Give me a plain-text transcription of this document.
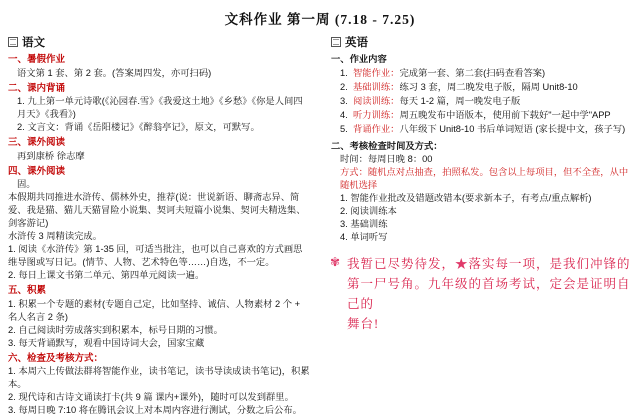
文科作业 第一周 (7.18 - 7.25)
语文
一、暑假作业
语文第 1 套、第 2 套。(答案周四发，亦可扫码)
二、课内背诵
1. 九上第一单元诗歌(《沁园春.雪》《我爱这土地》《乡愁》《你是人间四月天》《我看》)
2. 文言文：背诵《岳阳楼记》《醉翁亭记》，原文，可默写。
三、课外阅读
再到康桥 徐志摩
四、课外阅读
固。
本假期共同推进水浒传、儒林外史，推荐(说：世说新语、聊斋志异、简爱、我是猫、猫儿天猫冒险小说集、契诃夫短篇小说集、契诃夫精选集、剑客游记)
水浒传 3 周精读完成。
1. 阅读《水浒传》第 1-35 回，可适当批注，也可以自己喜欢的方式画思维导图或写日记。(情节、人物、艺术特色等……)自选，不一定。
2. 每日上课文书第二单元、第四单元阅读一遍。
五、积累
1. 积累一个专题的素材(专题自己定，比如坚持、诚信、人物素材 2 个 + 名人名言 2 条)
2. 自己阅读时劳成落实到积累本，标号日期的习惯。
3. 每天背诵默写，观看中国诗词大会，国家宝藏
六、检查及考核方式：
1. 本周六上传做法群将智能作业，读书笔记，读书导读成读书笔记)，积累本。
2. 现代诗和古诗文诵读打卡(共 9 篇 课内+课外)，随时可以发到群里。
3. 每周日晚 7:10 将在腾讯会议上对本周内容进行测试，分数之后公布。
英语
一、作业内容
1. 智能作业：完成第一套、第二套(扫码查看答案)
2. 基础训练：练习 3 套，周二晚发电子版，隔周 Unit8-10
3. 阅读训练：每天 1-2 篇，周一晚发电子版
4. 听力训练：周五晚发布中语版本，使用前下载好"一起中学"APP
5. 背诵作业：八年级下 Unit8-10 书后单词短语 (家长提中文，孩子写)
二、考核检查时间及方式：
时间：每周日晚 8：00
方式：随机点对点抽查，拍照私发。包含以上每项目，但不全查，从中随机选择
1. 智能作业批改及错题改错本(要求新本子，有考点/重点解析)
2. 阅读训练本
3. 基础训练
4. 单词听写
✾ 我暂已尽势待发，★落实每一项，是我们冲锋的
第一尸号角。九年级的首场考试，定会是证明自己的
舞台!
